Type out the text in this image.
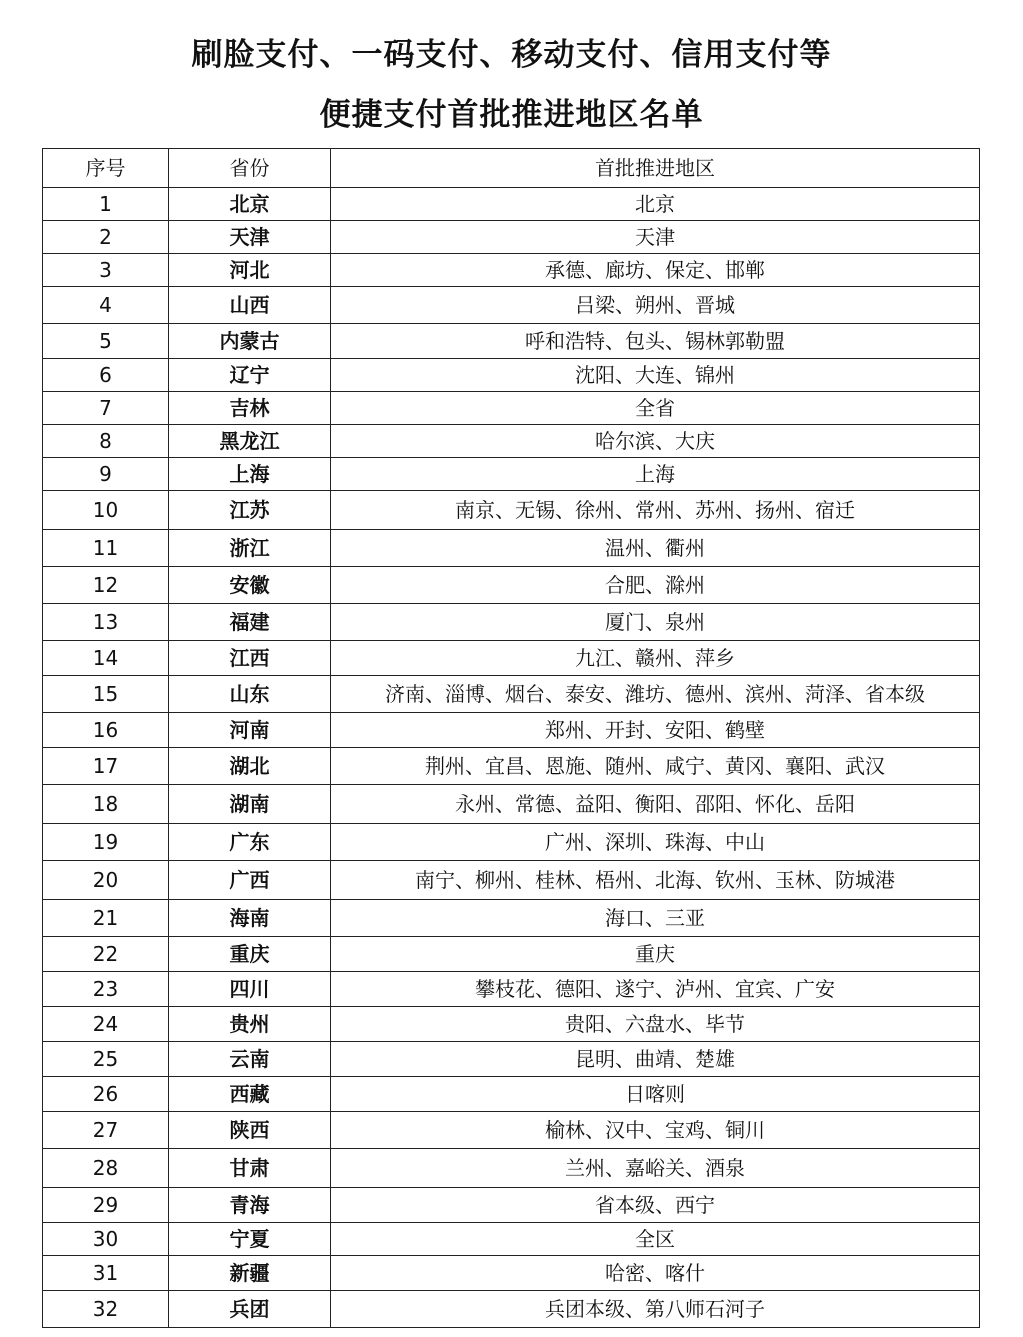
刷脸支付、一码支付、移动支付、信用支付等
便捷支付首批推进地区名单
序号	省份	首批推进地区
1	北京	北京
2	天津	天津
3	河北	承德、廊坊、保定、邯郸
4	山西	吕梁、朔州、晋城
5	内蒙古	呼和浩特、包头、锡林郭勒盟
6	辽宁	沈阳、大连、锦州
7	吉林	全省
8	黑龙江	哈尔滨、大庆
9	上海	上海
10	江苏	南京、无锡、徐州、常州、苏州、扬州、宿迁
11	浙江	温州、衢州
12	安徽	合肥、滁州
13	福建	厦门、泉州
14	江西	九江、赣州、萍乡
15	山东	济南、淄博、烟台、泰安、潍坊、德州、滨州、菏泽、省本级
16	河南	郑州、开封、安阳、鹤壁
17	湖北	荆州、宜昌、恩施、随州、咸宁、黄冈、襄阳、武汉
18	湖南	永州、常德、益阳、衡阳、邵阳、怀化、岳阳
19	广东	广州、深圳、珠海、中山
20	广西	南宁、柳州、桂林、梧州、北海、钦州、玉林、防城港
21	海南	海口、三亚
22	重庆	重庆
23	四川	攀枝花、德阳、遂宁、泸州、宜宾、广安
24	贵州	贵阳、六盘水、毕节
25	云南	昆明、曲靖、楚雄
26	西藏	日喀则
27	陕西	榆林、汉中、宝鸡、铜川
28	甘肃	兰州、嘉峪关、酒泉
29	青海	省本级、西宁
30	宁夏	全区
31	新疆	哈密、喀什
32	兵团	兵团本级、第八师石河子
